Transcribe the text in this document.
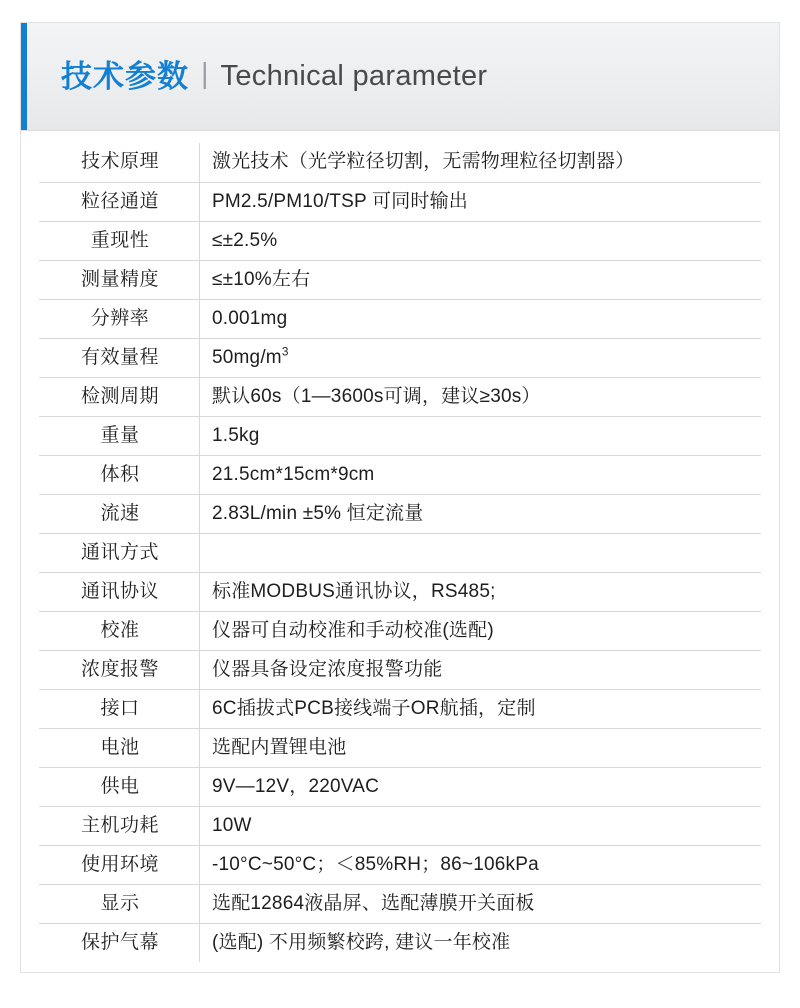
技术参数 | Technical parameter
技术原理	激光技术（光学粒径切割，无需物理粒径切割器）
粒径通道	PM2.5/PM10/TSP 可同时输出
重现性	≤±2.5%
测量精度	≤±10%左右
分辨率	0.001mg
有效量程	$50mg/m^3$
检测周期	默认60s（1—3600s可调，建议≥30s）
重量	1.5kg
体积	21.5cm*15cm*9cm
流速	2.83L/min ±5% 恒定流量
通讯方式	
通讯协议	标准MODBUS通讯协议，RS485;
校准	仪器可自动校准和手动校准(选配)
浓度报警	仪器具备设定浓度报警功能
接口	6C插拔式PCB接线端子OR航插，定制
电池	选配内置锂电池
供电	9V—12V，220VAC
主机功耗	10W
使用环境	-10°C~50°C；＜85%RH；86~106kPa
显示	选配12864液晶屏、选配薄膜开关面板
保护气幕	(选配) 不用频繁校跨, 建议一年校准
